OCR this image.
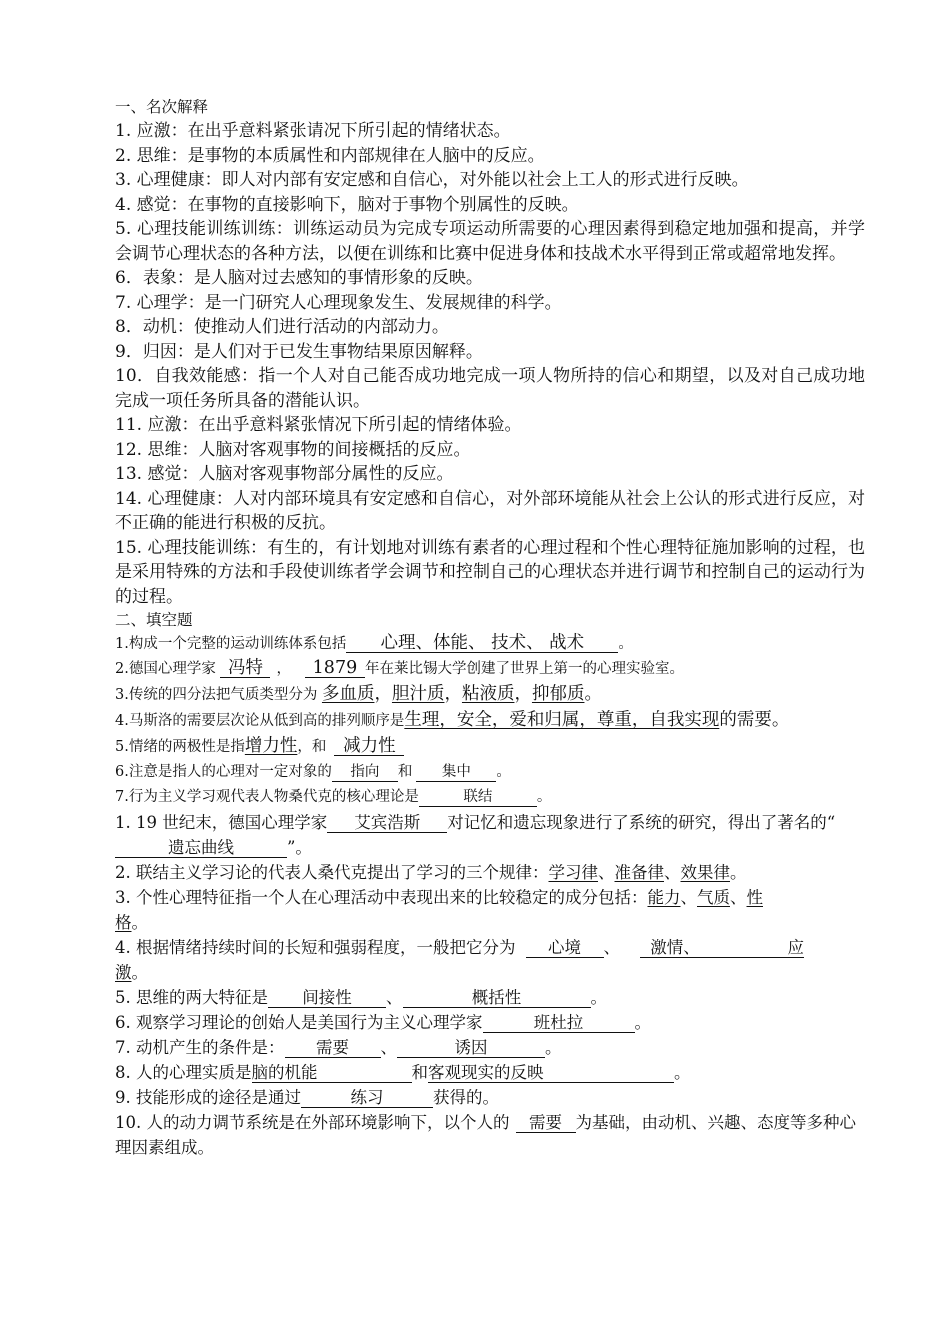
一、名次解释
1. 应激：在出乎意料紧张请况下所引起的情绪状态。
2. 思维：是事物的本质属性和内部规律在人脑中的反应。
3. 心理健康：即人对内部有安定感和自信心，对外能以社会上工人的形式进行反映。
4. 感觉：在事物的直接影响下，脑对于事物个别属性的反映。
5. 心理技能训练训练：训练运动员为完成专项运动所需要的心理因素得到稳定地加强和提高，并学会调节心理状态的各种方法，以便在训练和比赛中促进身体和技战术水平得到正常或超常地发挥。
6．表象：是人脑对过去感知的事情形象的反映。
7. 心理学：是一门研究人心理现象发生、发展规律的科学。
8．动机：使推动人们进行活动的内部动力。
9．归因：是人们对于已发生事物结果原因解释。
10．自我效能感：指一个人对自己能否成功地完成一项人物所持的信心和期望，以及对自己成功地完成一项任务所具备的潜能认识。
11. 应激：在出乎意料紧张情况下所引起的情绪体验。
12. 思维：人脑对客观事物的间接概括的反应。
13. 感觉：人脑对客观事物部分属性的反应。
14. 心理健康：人对内部环境具有安定感和自信心，对外部环境能从社会上公认的形式进行反应，对不正确的能进行积极的反抗。
15. 心理技能训练：有生的，有计划地对训练有素者的心理过程和个性心理特征施加影响的过程，也是采用特殊的方法和手段使训练者学会调节和控制自己的心理状态并进行调节和控制自己的运动行为的过程。
二、填空题
1.构成一个完整的运动训练体系包括 心理、体能、 技术、 战术。
2.德国心理学家 冯特 ， 1879 年在莱比锡大学创建了世界上第一的心理实验室。
3.传统的四分法把气质类型分为 多血质，胆汁质，粘液质，抑郁质。
4.马斯洛的需要层次论从低到高的排列顺序是生理，安全，爱和归属，尊重，自我实现的需要。
5.情绪的两极性是指增力性，和 减力性
6.注意是指人的心理对一定对象的 指向 和 集中 。
7.行为主义学习观代表人物桑代克的核心理论是	联结	。
1. 19 世纪末，德国心理学家 艾宾浩斯 对记忆和遗忘现象进行了系统的研究，得出了著名的“遗忘曲线	”。
2. 联结主义学习论的代表人桑代克提出了学习的三个规律：学习律、准备律、效果律。
3. 个性心理特征指一个人在心理活动中表现出来的比较稳定的成分包括：能力、气质、性
格。
4. 根据情绪持续时间的长短和强弱程度，一般把它分为 心境 、 激情、	应
激。
5. 思维的两大特征是 间接性 、	概括性	。
6. 观察学习理论的创始人是美国行为主义心理学家	班杜拉	。
7. 动机产生的条件是： 需要 、	诱因	。
8. 人的心理实质是脑的机能	和客观现实的反映	。
9. 技能形成的途径是通过	练习	获得的。
10. 人的动力调节系统是在外部环境影响下，以个人的 需要 为基础，由动机、兴趣、态度等多种心理因素组成。
